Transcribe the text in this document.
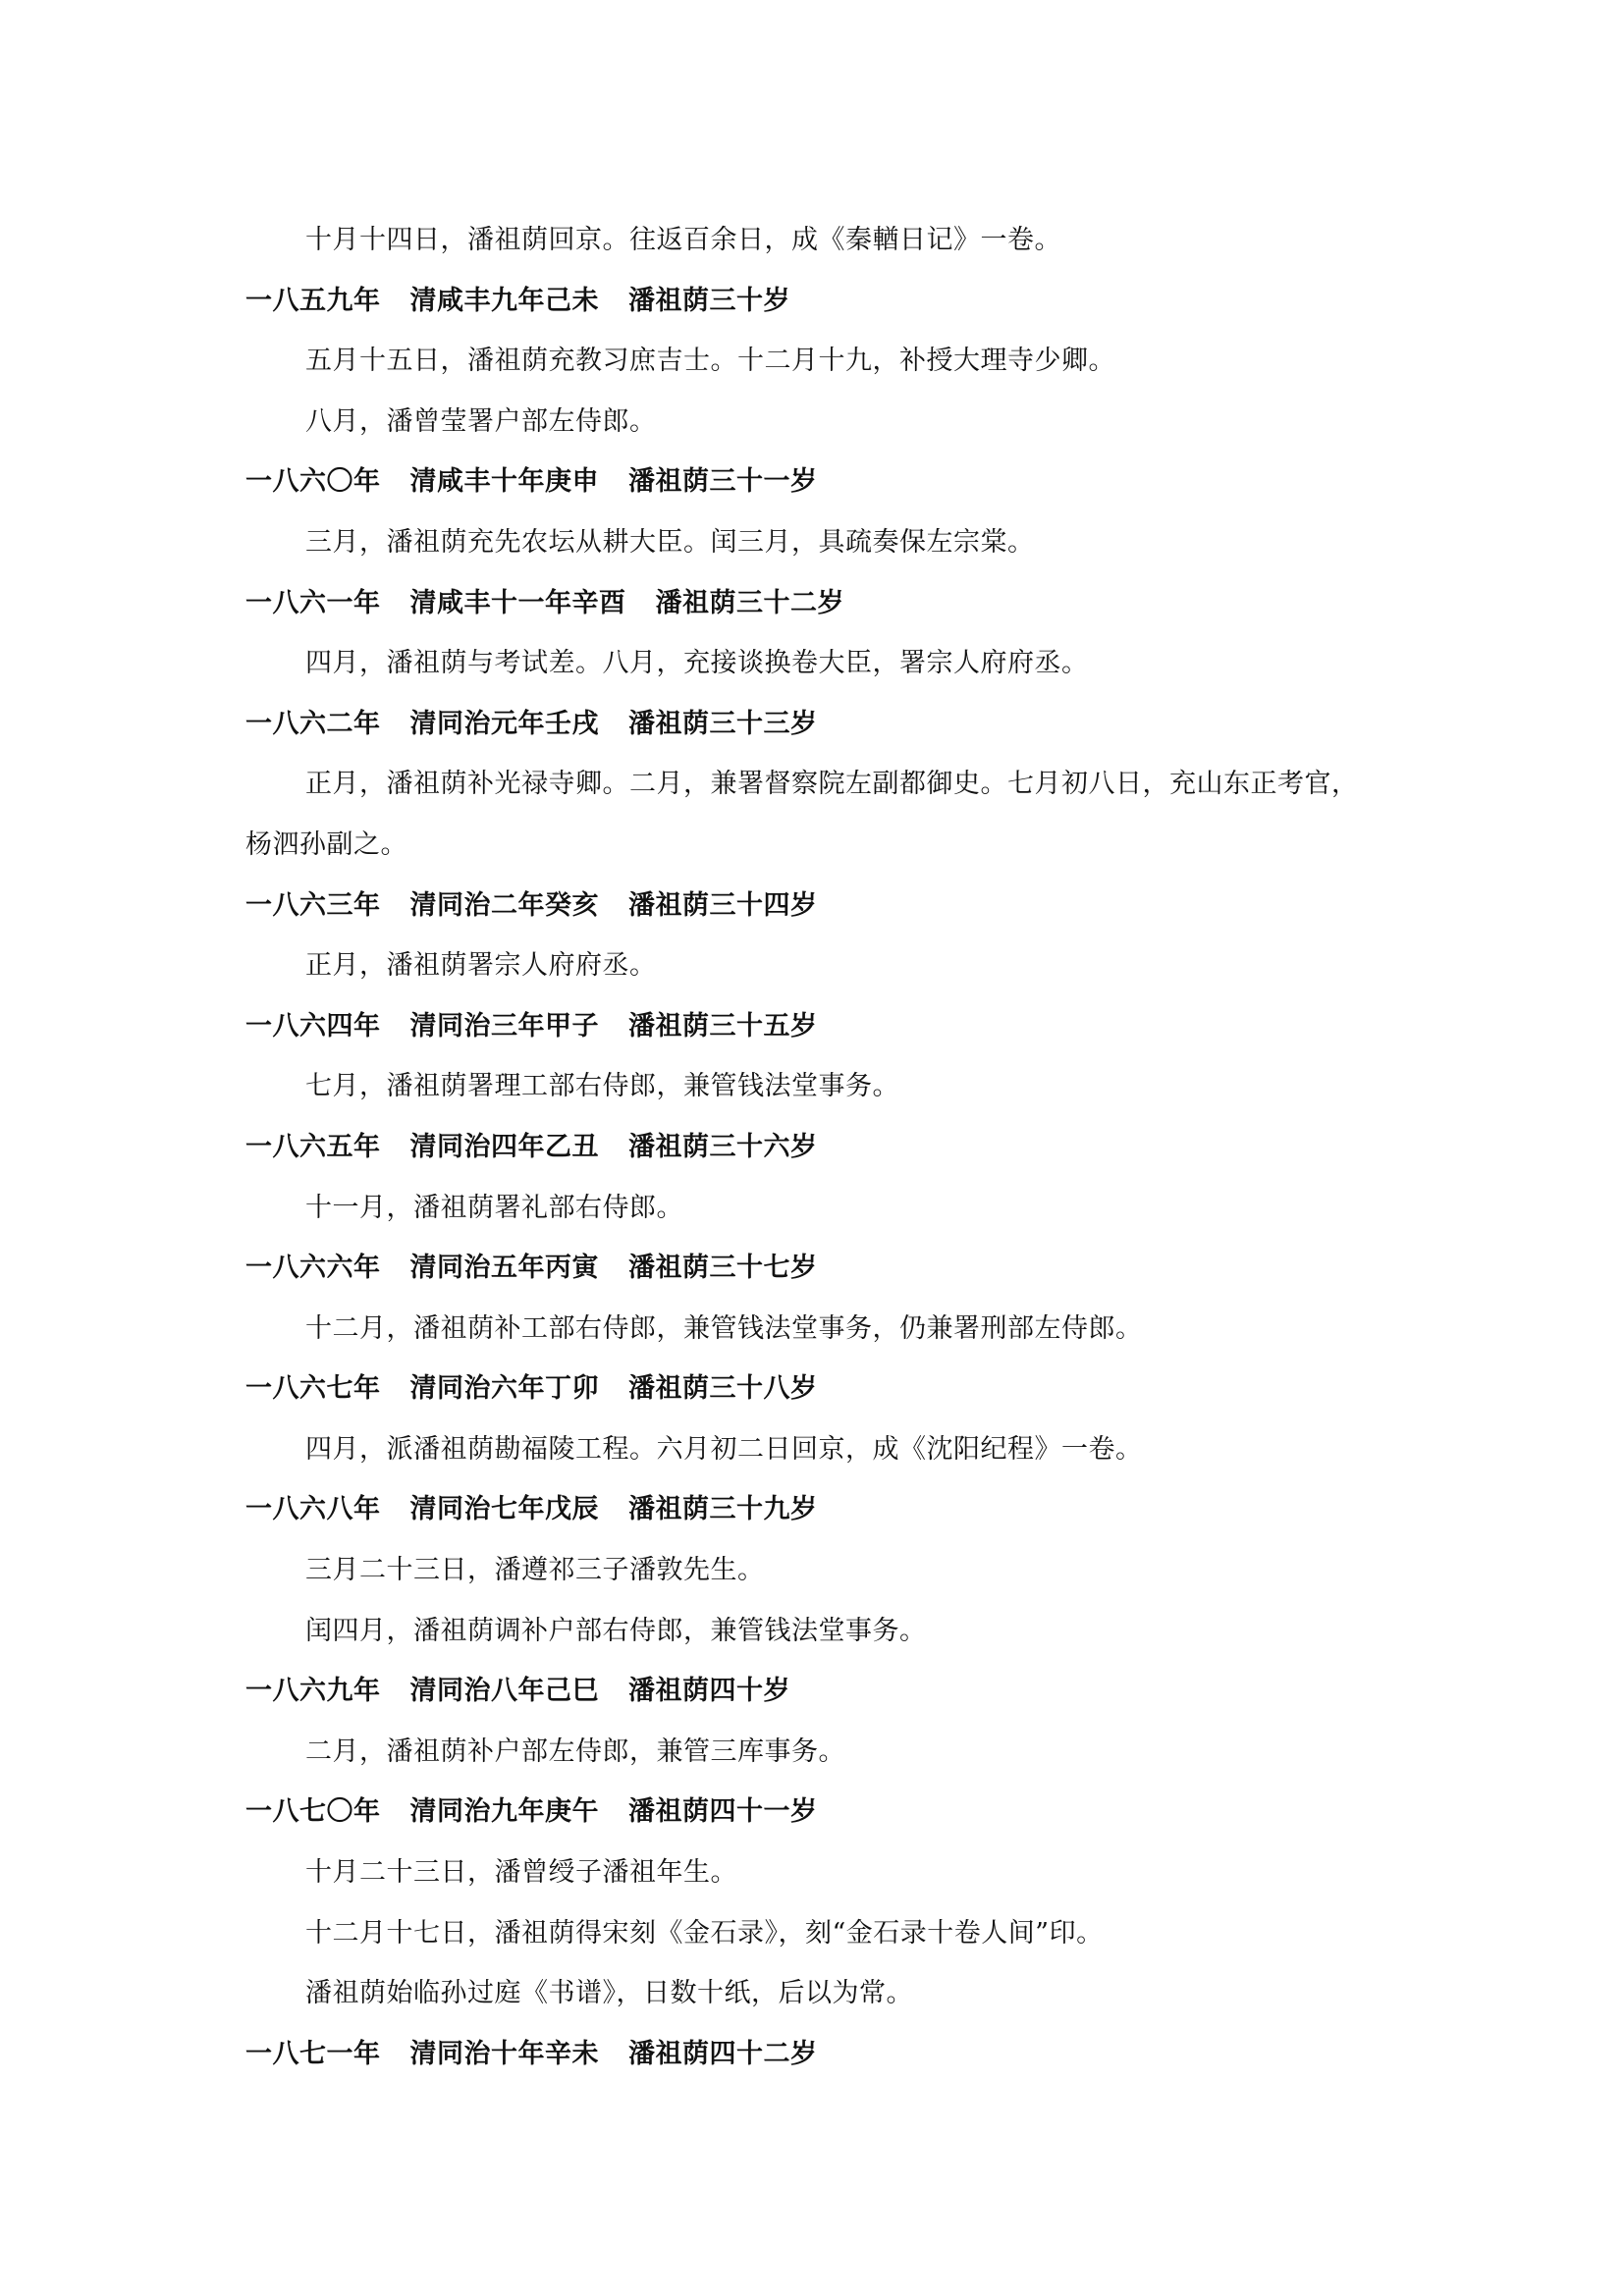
十月十四日，潘祖荫回京。往返百余日，成《秦輶日记》一卷。
一八五九年 清咸丰九年己未 潘祖荫三十岁
五月十五日，潘祖荫充教习庶吉士。十二月十九，补授大理寺少卿。
八月，潘曾莹署户部左侍郎。
一八六〇年 清咸丰十年庚申 潘祖荫三十一岁
三月，潘祖荫充先农坛从耕大臣。闰三月，具疏奏保左宗棠。
一八六一年 清咸丰十一年辛酉 潘祖荫三十二岁
四月，潘祖荫与考试差。八月，充接谈换卷大臣，署宗人府府丞。
一八六二年 清同治元年壬戌 潘祖荫三十三岁
正月，潘祖荫补光禄寺卿。二月，兼署督察院左副都御史。七月初八日，充山东正考官，
杨泗孙副之。
一八六三年 清同治二年癸亥 潘祖荫三十四岁
正月，潘祖荫署宗人府府丞。
一八六四年 清同治三年甲子 潘祖荫三十五岁
七月，潘祖荫署理工部右侍郎，兼管钱法堂事务。
一八六五年 清同治四年乙丑 潘祖荫三十六岁
十一月，潘祖荫署礼部右侍郎。
一八六六年 清同治五年丙寅 潘祖荫三十七岁
十二月，潘祖荫补工部右侍郎，兼管钱法堂事务，仍兼署刑部左侍郎。
一八六七年 清同治六年丁卯 潘祖荫三十八岁
四月，派潘祖荫勘福陵工程。六月初二日回京，成《沈阳纪程》一卷。
一八六八年 清同治七年戊辰 潘祖荫三十九岁
三月二十三日，潘遵祁三子潘敦先生。
闰四月，潘祖荫调补户部右侍郎，兼管钱法堂事务。
一八六九年 清同治八年己巳 潘祖荫四十岁
二月，潘祖荫补户部左侍郎，兼管三库事务。
一八七〇年 清同治九年庚午 潘祖荫四十一岁
十月二十三日，潘曾绶子潘祖年生。
十二月十七日，潘祖荫得宋刻《金石录》，刻“金石录十卷人间”印。
潘祖荫始临孙过庭《书谱》，日数十纸，后以为常。
一八七一年 清同治十年辛未 潘祖荫四十二岁
